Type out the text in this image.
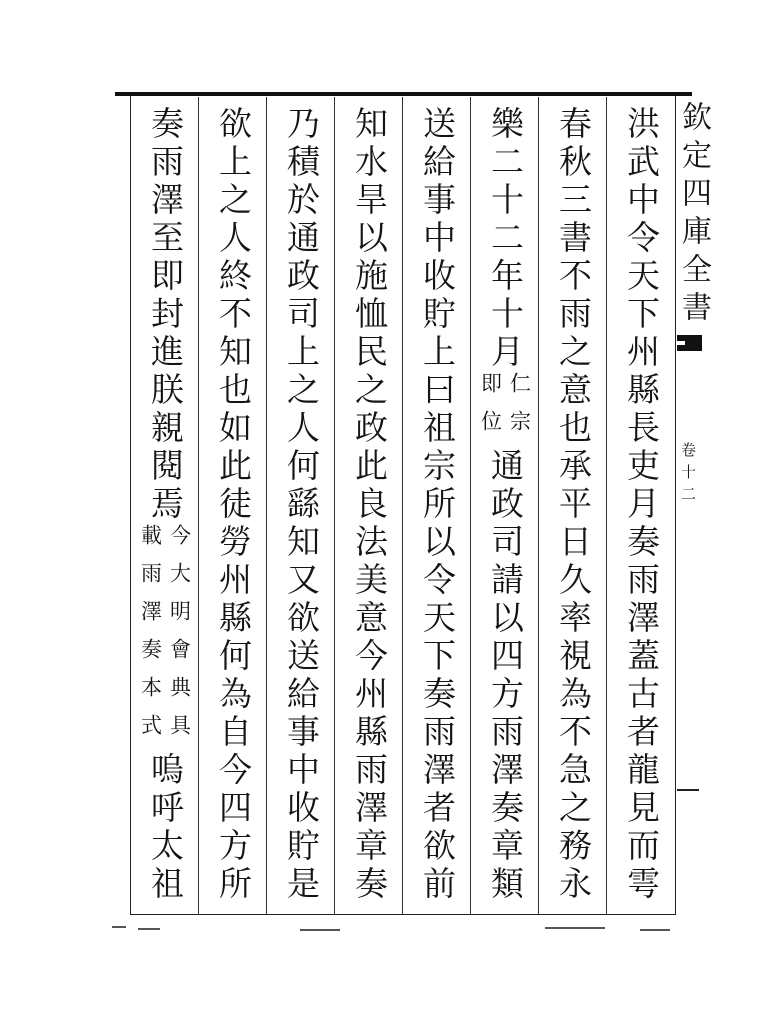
洪武中令天下州縣長吏月奏雨澤蓋古者龍見而雩
春秋三書不雨之意也承平日久率視為不急之務永
樂二十二年十月
仁宗
即位
通政司請以四方雨澤奏章類
送給事中收貯上曰祖宗所以令天下奏雨澤者欲前
知水旱以施恤民之政此良法美意今州縣雨澤章奏
乃積於通政司上之人何繇知又欲送給事中收貯是
欲上之人終不知也如此徒勞州縣何為自今四方所
奏雨澤至即封進朕親閱焉
今大明會典具
載雨澤奏本式
嗚呼太祖
欽定四庫全書
卷十二
